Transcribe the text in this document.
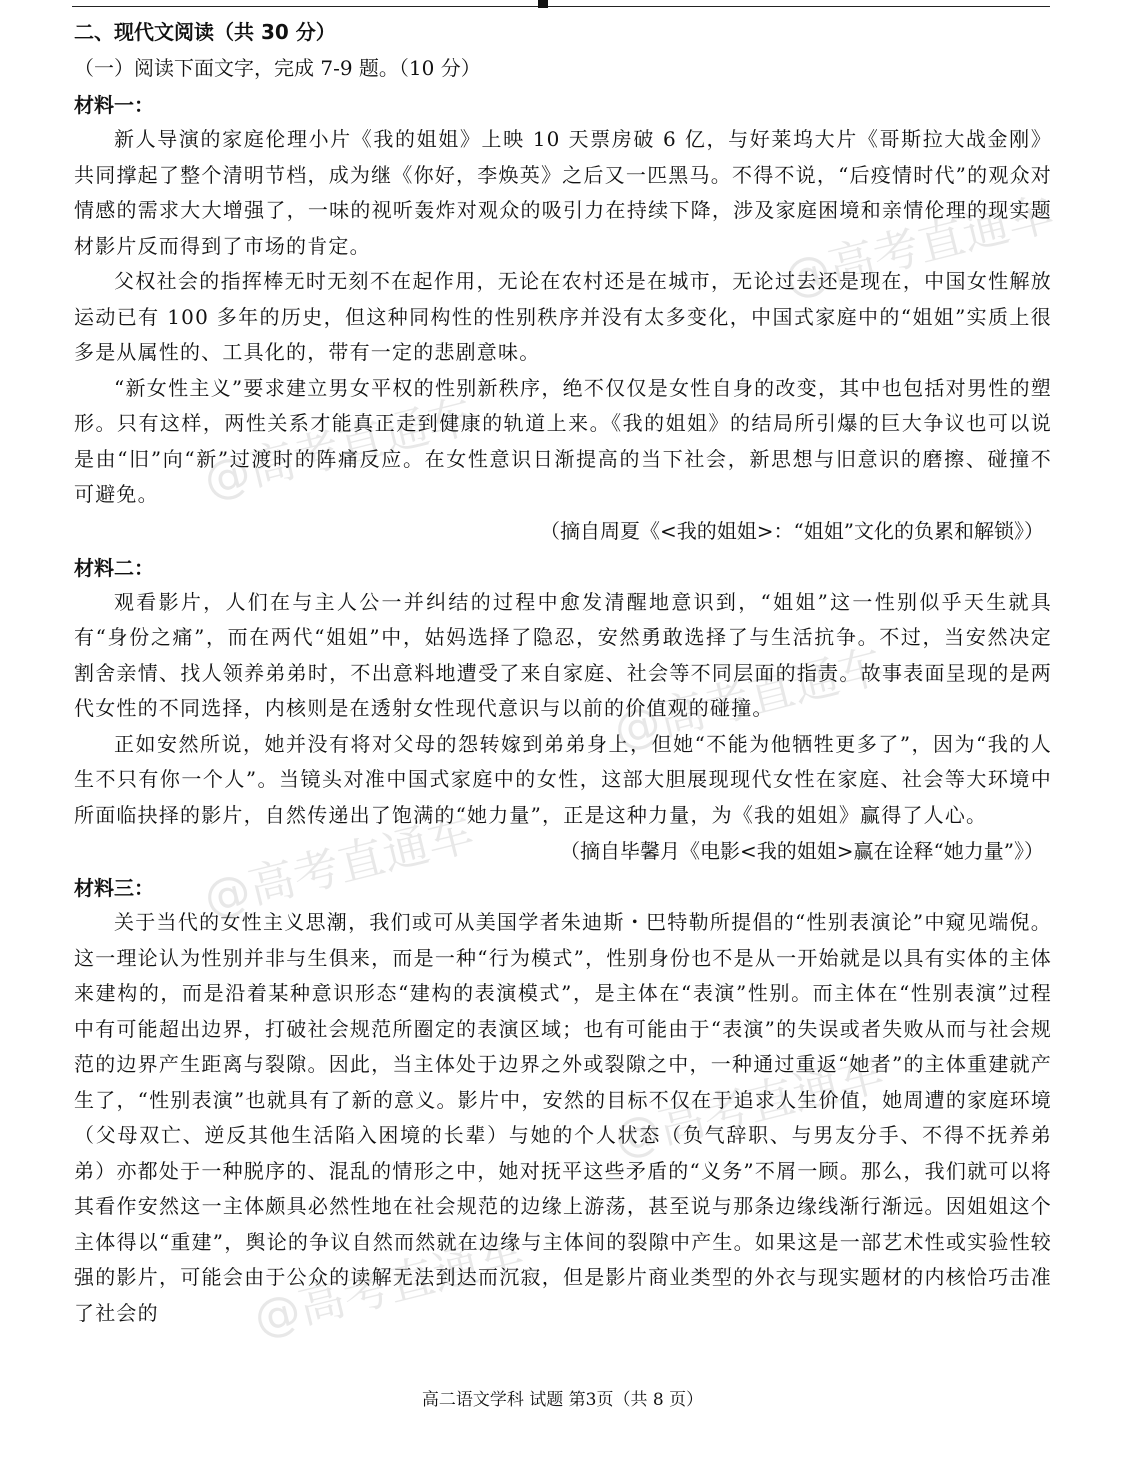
@高考直通车
@高考直通车
@高考直通车
@高考直通车
@高考直通车
@高考直通车
二、现代文阅读（共 30 分）
（一）阅读下面文字，完成 7-9 题。（10 分）
材料一：

新人导演的家庭伦理小片《我的姐姐》上映 10 天票房破 6 亿，与好莱坞大片《哥斯拉大战金刚》共同撑起了整个清明节档，成为继《你好，李焕英》之后又一匹黑马。不得不说，“后疫情时代”的观众对情感的需求大大增强了，一味的视听轰炸对观众的吸引力在持续下降，涉及家庭困境和亲情伦理的现实题材影片反而得到了市场的肯定。

父权社会的指挥棒无时无刻不在起作用，无论在农村还是在城市，无论过去还是现在，中国女性解放运动已有 100 多年的历史，但这种同构性的性别秩序并没有太多变化，中国式家庭中的“姐姐”实质上很多是从属性的、工具化的，带有一定的悲剧意味。

“新女性主义”要求建立男女平权的性别新秩序，绝不仅仅是女性自身的改变，其中也包括对男性的塑形。只有这样，两性关系才能真正走到健康的轨道上来。《我的姐姐》的结局所引爆的巨大争议也可以说是由“旧”向“新”过渡时的阵痛反应。在女性意识日渐提高的当下社会，新思想与旧意识的磨擦、碰撞不可避免。

（摘自周夏《<我的姐姐>：“姐姐”文化的负累和解锁》）
材料二：

观看影片，人们在与主人公一并纠结的过程中愈发清醒地意识到，“姐姐”这一性别似乎天生就具有“身份之痛”，而在两代“姐姐”中，姑妈选择了隐忍，安然勇敢选择了与生活抗争。不过，当安然决定割舍亲情、找人领养弟弟时，不出意料地遭受了来自家庭、社会等不同层面的指责。故事表面呈现的是两代女性的不同选择，内核则是在透射女性现代意识与以前的价值观的碰撞。

正如安然所说，她并没有将对父母的怨转嫁到弟弟身上，但她“不能为他牺牲更多了”，因为“我的人生不只有你一个人”。当镜头对准中国式家庭中的女性，这部大胆展现现代女性在家庭、社会等大环境中所面临抉择的影片，自然传递出了饱满的“她力量”，正是这种力量，为《我的姐姐》赢得了人心。

（摘自毕馨月《电影<我的姐姐>赢在诠释“她力量”》）
材料三：

关于当代的女性主义思潮，我们或可从美国学者朱迪斯・巴特勒所提倡的“性别表演论”中窥见端倪。这一理论认为性别并非与生俱来，而是一种“行为模式”，性别身份也不是从一开始就是以具有实体的主体来建构的，而是沿着某种意识形态“建构的表演模式”，是主体在“表演”性别。而主体在“性别表演”过程中有可能超出边界，打破社会规范所圈定的表演区域；也有可能由于“表演”的失误或者失败从而与社会规范的边界产生距离与裂隙。因此，当主体处于边界之外或裂隙之中，一种通过重返“她者”的主体重建就产生了，“性别表演”也就具有了新的意义。影片中，安然的目标不仅在于追求人生价值，她周遭的家庭环境（父母双亡、逆反其他生活陷入困境的长辈）与她的个人状态（负气辞职、与男友分手、不得不抚养弟弟）亦都处于一种脱序的、混乱的情形之中，她对抚平这些矛盾的“义务”不屑一顾。那么，我们就可以将其看作安然这一主体颇具必然性地在社会规范的边缘上游荡，甚至说与那条边缘线渐行渐远。因姐姐这个主体得以“重建”，舆论的争议自然而然就在边缘与主体间的裂隙中产生。如果这是一部艺术性或实验性较强的影片，可能会由于公众的读解无法到达而沉寂，但是影片商业类型的外衣与现实题材的内核恰巧击准了社会的

高二语文学科 试题 第3页（共 8 页）
